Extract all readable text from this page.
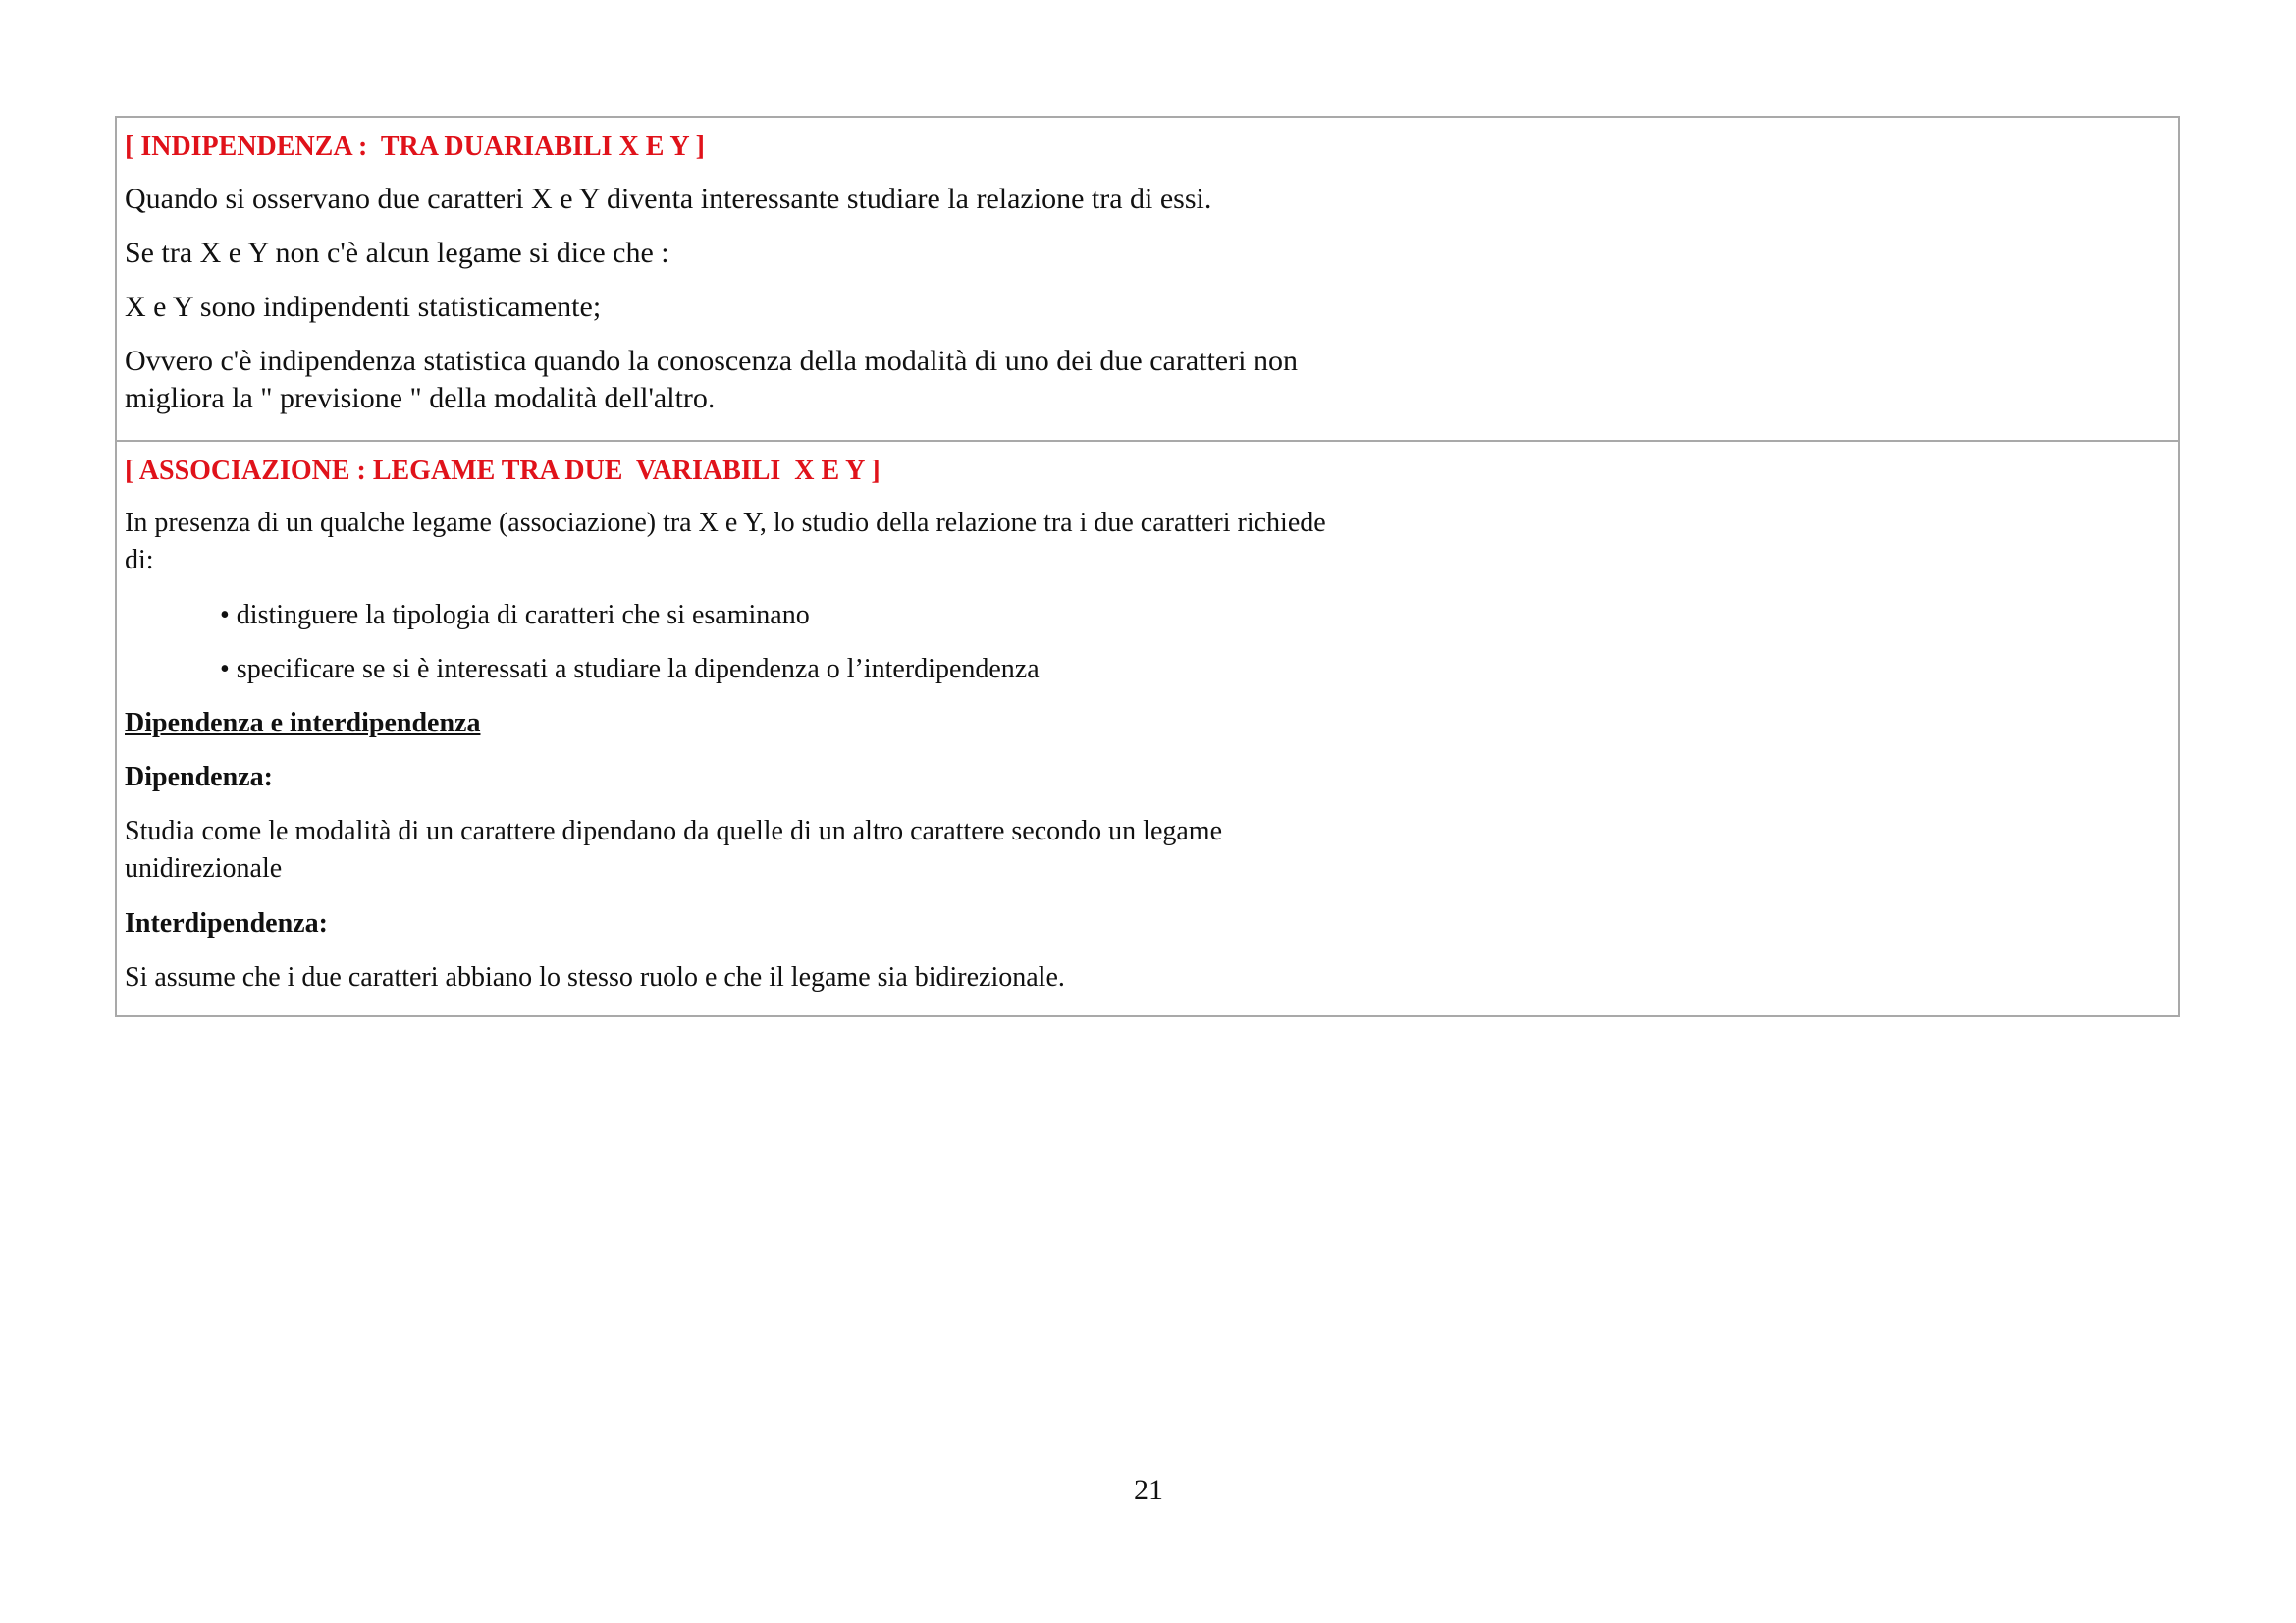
[ INDIPENDENZA :  TRA DUARIABILI X E Y ]
Quando si osservano due caratteri X e Y diventa interessante studiare la relazione tra di essi.
Se tra X e Y non c'è alcun legame si dice che :
X e Y sono indipendenti statisticamente;
Ovvero c'è indipendenza statistica quando la conoscenza della modalità di uno dei due caratteri non migliora la " previsione " della modalità dell'altro.
[ ASSOCIAZIONE : LEGAME TRA DUE  VARIABILI  X E Y ]
In presenza di un qualche legame (associazione) tra X e Y, lo studio della relazione tra i due caratteri richiede di:
• distinguere la tipologia di caratteri che si esaminano
• specificare se si è interessati a studiare la dipendenza o l’interdipendenza
Dipendenza e interdipendenza
Dipendenza:
Studia come le modalità di un carattere dipendano da quelle di un altro carattere secondo un legame unidirezionale
Interdipendenza:
Si assume che i due caratteri abbiano lo stesso ruolo e che il legame sia bidirezionale.
21
